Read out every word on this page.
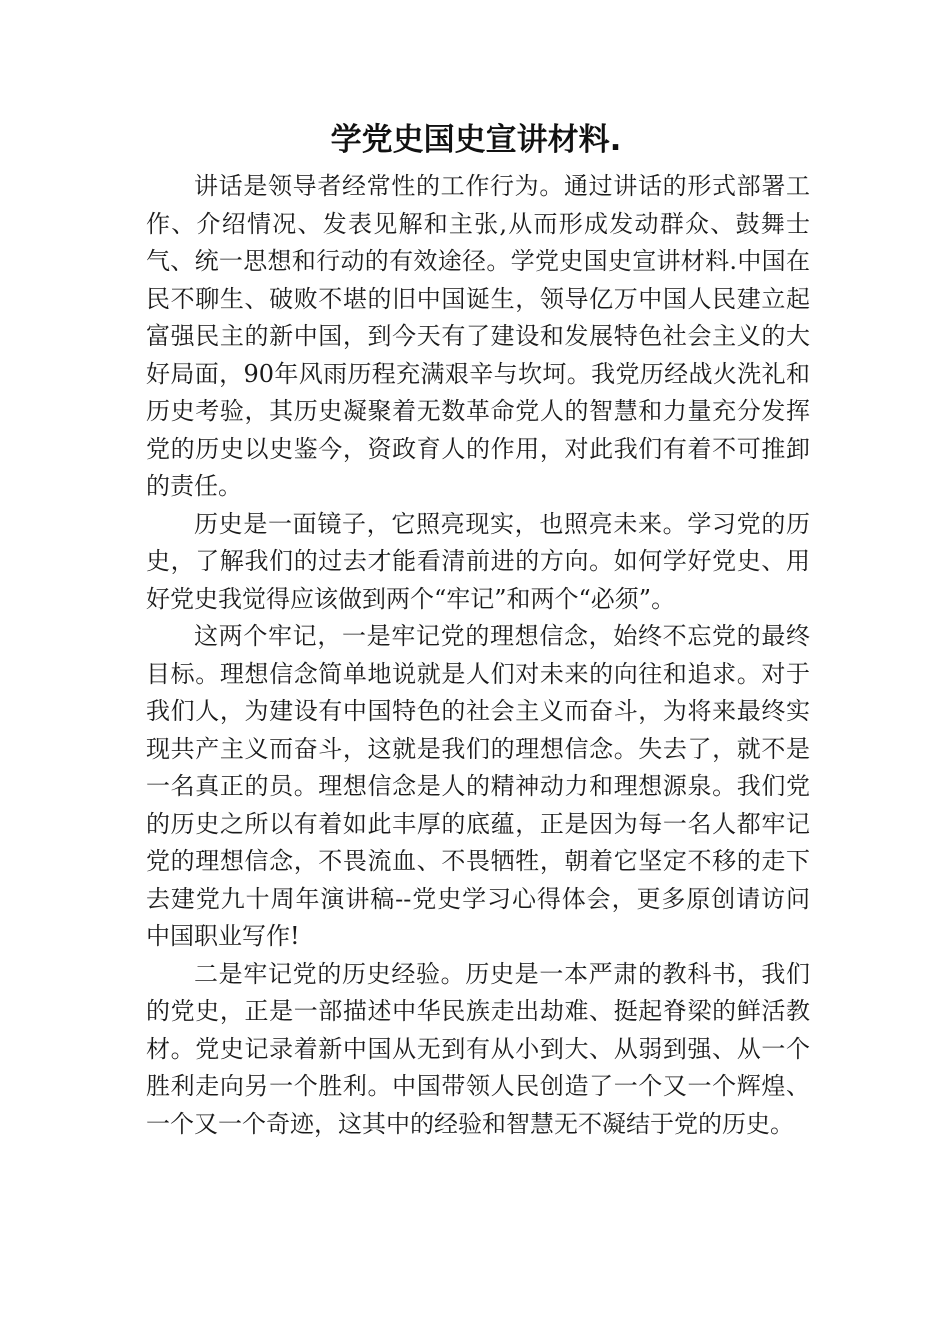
学党史国史宣讲材料.

讲话是领导者经常性的工作行为。通过讲话的形式部署工作、介绍情况、发表见解和主张,从而形成发动群众、鼓舞士气、统一思想和行动的有效途径。学党史国史宣讲材料.中国在民不聊生、破败不堪的旧中国诞生，领导亿万中国人民建立起富强民主的新中国，到今天有了建设和发展特色社会主义的大好局面，90年风雨历程充满艰辛与坎坷。我党历经战火洗礼和历史考验，其历史凝聚着无数革命党人的智慧和力量充分发挥党的历史以史鉴今，资政育人的作用，对此我们有着不可推卸的责任。

历史是一面镜子，它照亮现实，也照亮未来。学习党的历史，了解我们的过去才能看清前进的方向。如何学好党史、用好党史我觉得应该做到两个“牢记”和两个“必须”。

这两个牢记，一是牢记党的理想信念，始终不忘党的最终目标。理想信念简单地说就是人们对未来的向往和追求。对于我们人，为建设有中国特色的社会主义而奋斗，为将来最终实现共产主义而奋斗，这就是我们的理想信念。失去了，就不是一名真正的员。理想信念是人的精神动力和理想源泉。我们党的历史之所以有着如此丰厚的底蕴，正是因为每一名人都牢记党的理想信念，不畏流血、不畏牺牲，朝着它坚定不移的走下去建党九十周年演讲稿--党史学习心得体会，更多原创请访问中国职业写作!

二是牢记党的历史经验。历史是一本严肃的教科书，我们的党史，正是一部描述中华民族走出劫难、挺起脊梁的鲜活教材。党史记录着新中国从无到有从小到大、从弱到强、从一个胜利走向另一个胜利。中国带领人民创造了一个又一个辉煌、一个又一个奇迹，这其中的经验和智慧无不凝结于党的历史。
